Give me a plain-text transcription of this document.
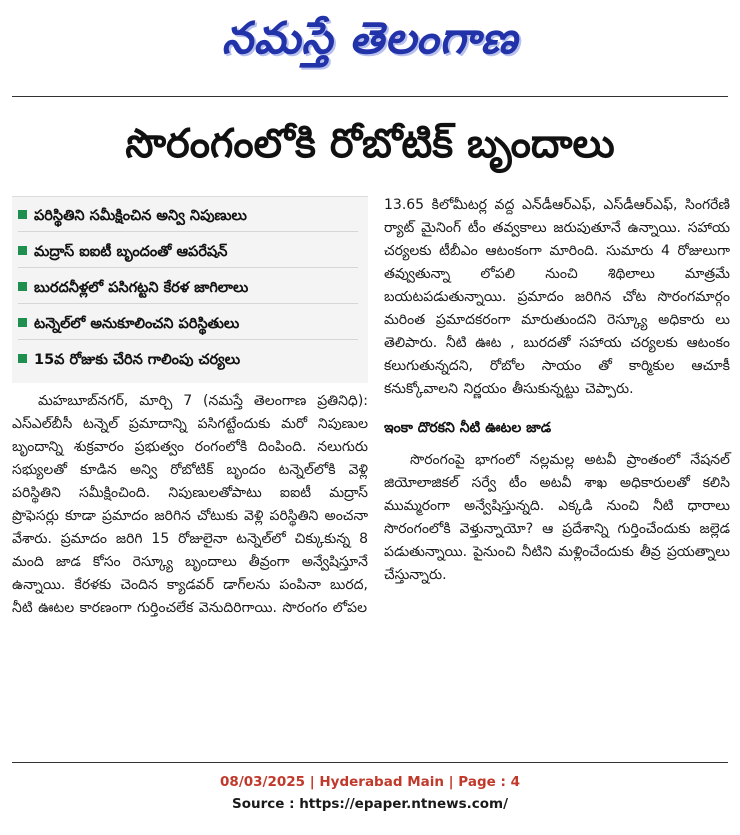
నమస్తే తెలంగాణ
సొరంగంలోకి రోబోటిక్ బృందాలు
పరిస్థితిని సమీక్షించిన అన్వి నిపుణులు
మద్రాస్ ఐఐటీ బృందంతో ఆపరేషన్
బురదనీళ్లలో పసిగట్టని కేరళ జాగిలాలు
టన్నెల్‌లో అనుకూలించని పరిస్థితులు
15వ రోజుకు చేరిన గాలింపు చర్యలు

మహబూబ్‌నగర్, మార్చి 7 (నమస్తే తెలంగాణ ప్రతినిధి): ఎస్ఎల్‌బీసీ టన్నెల్ ప్రమాదాన్ని పసిగట్టేందుకు మరో నిపుణుల బృందాన్ని శుక్రవారం ప్రభుత్వం రంగంలోకి దింపింది. నలుగురు సభ్యులతో కూడిన అన్వి రోబోటిక్ బృందం టన్నెల్‌లోకి వెళ్లి పరిస్థితిని సమీక్షించింది. నిపుణులతోపాటు ఐఐటీ మద్రాస్ ప్రొఫెసర్లు కూడా ప్రమాదం జరిగిన చోటుకు వెళ్లి పరిస్థితిని అంచనా వేశారు. ప్రమాదం జరిగి 15 రోజులైనా టన్నెల్‌లో చిక్కుకున్న 8 మంది జాడ కోసం రెస్క్యూ బృందాలు తీవ్రంగా అన్వేషిస్తూనే ఉన్నాయి. కేరళకు చెందిన క్యాడవర్ డాగ్‌లను పంపినా బురద, నీటి ఊటల కారణంగా గుర్తించలేక వెనుదిరిగాయి. సొరంగం లోపల

13.65 కిలోమీటర్ల వద్ద ఎన్‌డీఆర్‌ఎఫ్, ఎస్‌డీఆర్‌ఎఫ్, సింగరేణి ర్యాట్ మైనింగ్ టీం తవ్వకాలు జరుపుతూనే ఉన్నాయి. సహాయ చర్యలకు టీబీఎం ఆటంకంగా మారింది. సుమారు 4 రోజులుగా తవ్వుతున్నా లోపలి నుంచి శిథిలాలు మాత్రమే బయటపడుతున్నాయి. ప్రమాదం జరిగిన చోట సొరంగమార్గం మరింత ప్రమాదకరంగా మారుతుందని రెస్క్యూ అధికారు లు తెలిపారు. నీటి ఊట , బురదతో సహాయ చర్యలకు ఆటంకం కలుగుతున్నదని, రోబోల సాయం తో కార్మికుల ఆచూకీ కనుక్కోవాలని నిర్ణయం తీసుకున్నట్టు చెప్పారు.

ఇంకా దొరకని నీటి ఊటల జాడ

సొరంగంపై భాగంలో నల్లమల్ల అటవీ ప్రాంతంలో నేషనల్ జియోలాజికల్ సర్వే టీం అటవీ శాఖ అధికారులతో కలిసి ముమ్మరంగా అన్వేషిస్తున్నది. ఎక్కడి నుంచి నీటి ధారాలు సొరంగంలోకి వెళ్తున్నాయో? ఆ ప్రదేశాన్ని గుర్తించేందుకు జల్లెడ పడుతున్నాయి. పైనుంచి నీటిని మళ్లించేందుకు తీవ్ర ప్రయత్నాలు చేస్తున్నారు.

08/03/2025 | Hyderabad Main | Page : 4
Source : https://epaper.ntnews.com/
